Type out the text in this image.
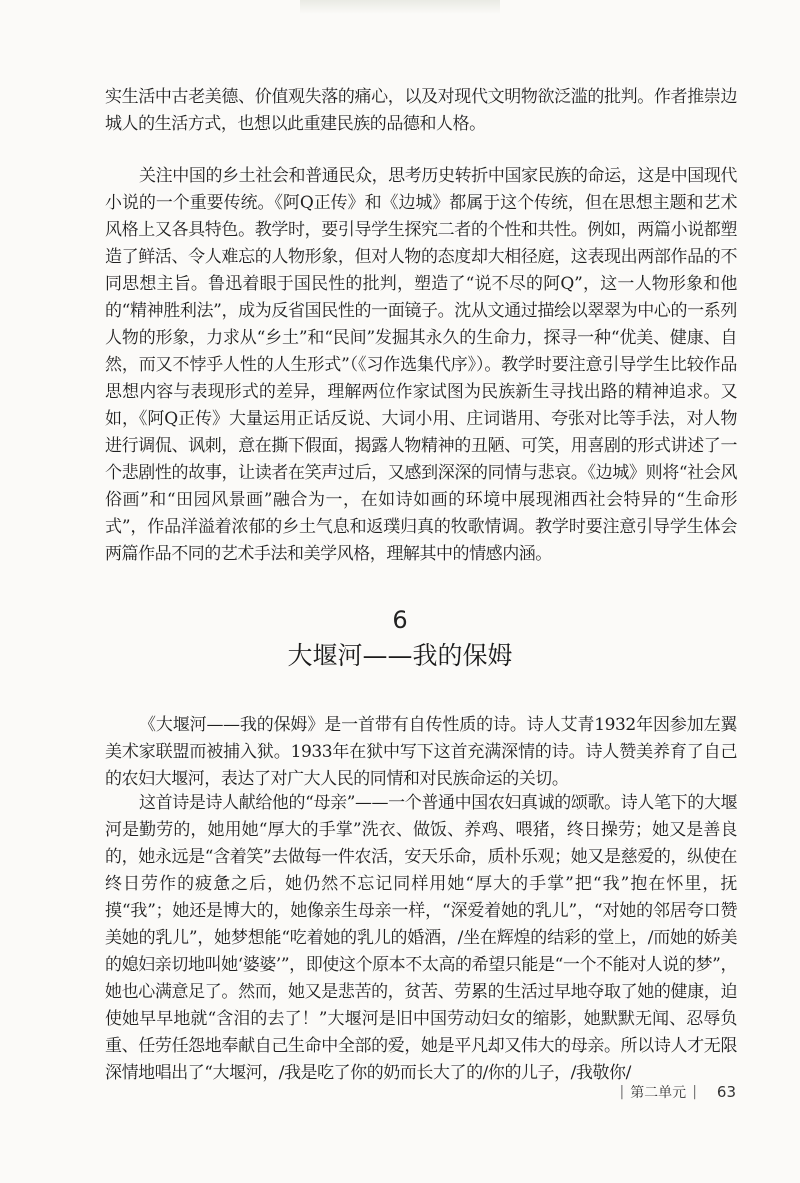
实生活中古老美德、价值观失落的痛心，以及对现代文明物欲泛滥的批判。作者推崇边城人的生活方式，也想以此重建民族的品德和人格。

关注中国的乡土社会和普通民众，思考历史转折中国家民族的命运，这是中国现代小说的一个重要传统。《阿Q正传》和《边城》都属于这个传统，但在思想主题和艺术风格上又各具特色。教学时，要引导学生探究二者的个性和共性。例如，两篇小说都塑造了鲜活、令人难忘的人物形象，但对人物的态度却大相径庭，这表现出两部作品的不同思想主旨。鲁迅着眼于国民性的批判，塑造了“说不尽的阿Q”，这一人物形象和他的“精神胜利法”，成为反省国民性的一面镜子。沈从文通过描绘以翠翠为中心的一系列人物的形象，力求从“乡土”和“民间”发掘其永久的生命力，探寻一种“优美、健康、自然，而又不悖乎人性的人生形式”（《习作选集代序》）。教学时要注意引导学生比较作品思想内容与表现形式的差异，理解两位作家试图为民族新生寻找出路的精神追求。又如，《阿Q正传》大量运用正话反说、大词小用、庄词谐用、夸张对比等手法，对人物进行调侃、讽刺，意在撕下假面，揭露人物精神的丑陋、可笑，用喜剧的形式讲述了一个悲剧性的故事，让读者在笑声过后，又感到深深的同情与悲哀。《边城》则将“社会风俗画”和“田园风景画”融合为一，在如诗如画的环境中展现湘西社会特异的“生命形式”，作品洋溢着浓郁的乡土气息和返璞归真的牧歌情调。教学时要注意引导学生体会两篇作品不同的艺术手法和美学风格，理解其中的情感内涵。

6
大堰河——我的保姆

《大堰河——我的保姆》是一首带有自传性质的诗。诗人艾青1932年因参加左翼美术家联盟而被捕入狱。1933年在狱中写下这首充满深情的诗。诗人赞美养育了自己的农妇大堰河，表达了对广大人民的同情和对民族命运的关切。

这首诗是诗人献给他的“母亲”——一个普通中国农妇真诚的颂歌。诗人笔下的大堰河是勤劳的，她用她“厚大的手掌”洗衣、做饭、养鸡、喂猪，终日操劳；她又是善良的，她永远是“含着笑”去做每一件农活，安天乐命，质朴乐观；她又是慈爱的，纵使在终日劳作的疲惫之后，她仍然不忘记同样用她“厚大的手掌”把“我”抱在怀里，抚摸“我”；她还是博大的，她像亲生母亲一样，“深爱着她的乳儿”，“对她的邻居夸口赞美她的乳儿”，她梦想能“吃着她的乳儿的婚酒，/坐在辉煌的结彩的堂上，/而她的娇美的媳妇亲切地叫她‘婆婆’”，即使这个原本不太高的希望只能是“一个不能对人说的梦”，她也心满意足了。然而，她又是悲苦的，贫苦、劳累的生活过早地夺取了她的健康，迫使她早早地就“含泪的去了！”大堰河是旧中国劳动妇女的缩影，她默默无闻、忍辱负重、任劳任怨地奉献自己生命中全部的爱，她是平凡却又伟大的母亲。所以诗人才无限深情地唱出了“大堰河，/我是吃了你的奶而长大了的/你的儿子，/我敬你/

| 第二单元 | 63
